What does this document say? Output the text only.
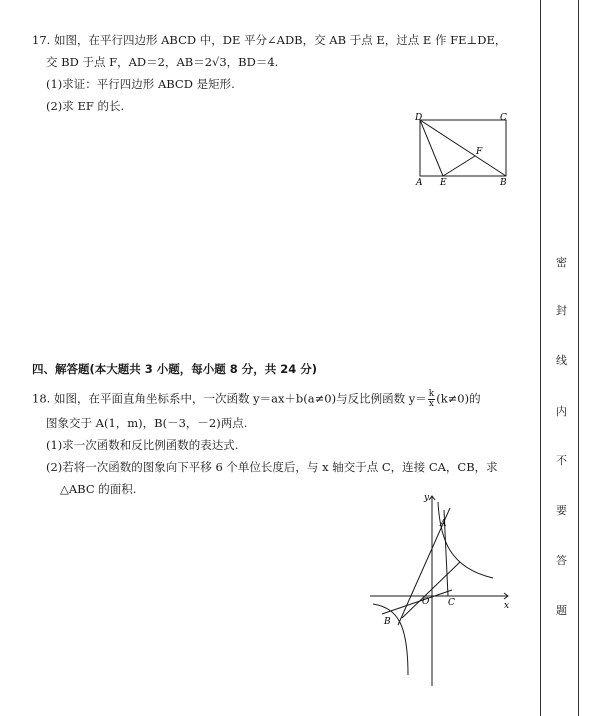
17. 如图，在平行四边形 ABCD 中，DE 平分∠ADB，交 AB 于点 E，过点 E 作 FE⊥DE，
交 BD 于点 F，AD＝2，AB＝2√3，BD＝4.
(1)求证：平行四边形 ABCD 是矩形.
(2)求 EF 的长.
D	C
F
A E	B
四、解答题(本大题共 3 小题，每小题 8 分，共 24 分)
18. 如图，在平面直角坐标系中，一次函数 y＝ax＋b(a≠0)与反比例函数 $y= \frac{k}{x} (k\ne 0)$的
图象交于 A(1，m)，B(－3，－2)两点.
(1)求一次函数和反比例函数的表达式.
(2)若将一次函数的图象向下平移 6 个单位长度后，与 x 轴交于点 C，连接 CA，CB，求
△ABC 的面积.
y
A
O C	x
B
密
封
线
内
不
要
答
题
